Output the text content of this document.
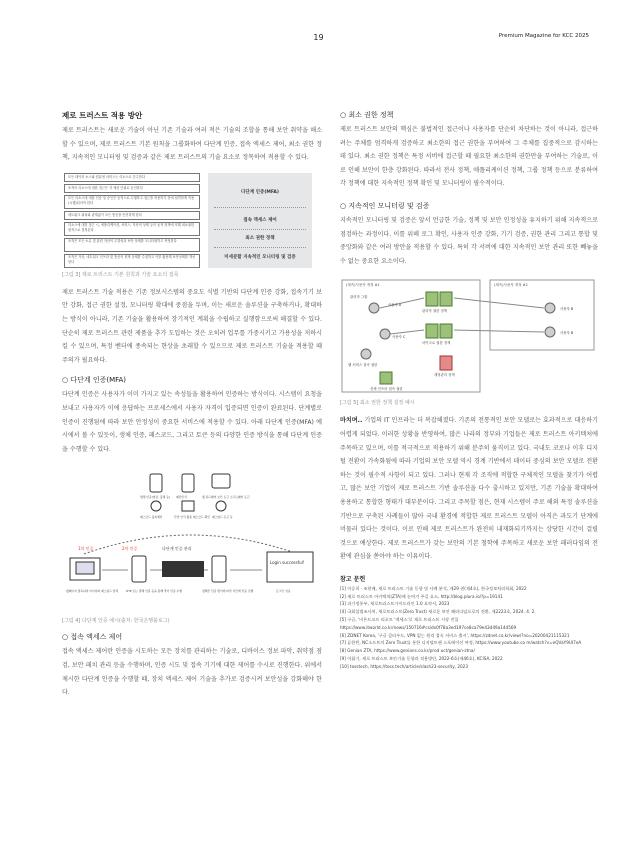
19	Premium Magazine for KCC 2025
제로 트러스트 적용 방안

제로 트러스트는 새로운 기술이 아닌 기존 기술과 여러 적은 기술의 조합을 통해 보안 취약을 해소 할 수 있으며, 제로 트러스트 기본 원칙을 그룹화하여 다단계 인증, 접속 액세스 제어, 최소 권한 정책, 지속적인 모니터링 및 검증과 같은 제로 트러스트의 기술 요소로 정목하여 적용할 수 있다.

모든 데이터 소스와 컴퓨팅 서비스는 리소스로 간주한다
조직의 리소스에 대한 접근은 각 세션 단위로 승인한다
모든 리소스에 대한 인증 및 승인은 동적으로 수행하고 접근을 허용하기 전에 엄격하게 적용(시행)되어야 한다
네트워크 위치와 관계없이 모든 통신을 안전하게 한다
리소스에 대한 접근 시, 애플리케이션, 서비스, 자산의 상태 등의 동적 정책에 의해 최소권한 원칙으로 결정된다
조직은 모든 소유 및 관련 자산의 무결성과 보안 상태를 모니터링하고 측정한다
조직은 자산, 네트워크 인프라 및 통신의 현재 상태를 수집하고 이를 활용해 보안상태를 개선한다
다단계 인증(MFA)
접속 액세스 제어
최소 권한 정책
미세분할 지속적인 모니터링 및 검증
[그림 3] 제로 트러스트 기본 원칙과 기술 요소의 접목

제로 트러스트 기술 적용은 기존 정보시스템의 중요도 식별 기반의 다단계 인증 강화, 접속기기 보안 강화, 접근 권한 설정, 모니터링 확대에 중점을 두며, 이는 새로운 솔루션을 구축하거나, 확대하는 방식이 아니라, 기존 기술을 활용하여 장기적인 계획을 수립하고 실행함으로써 해결할 수 있다. 단순히 제로 트러스트 관련 제품을 추가 도입하는 것은 오히려 업무를 가중시키고 가용성을 저하시킬 수 있으며, 특정 벤더에 종속되는 현상을 초래할 수 있으므로 제로 트러스트 기술을 적용할 때 주의가 필요하다.

○ 다단계 인증(MFA)

다단계 인증은 사용자가 이미 가지고 있는 속성들을 활용하여 인증하는 방식이다. 시스템이 요청을 보내고 사용자가 이에 응답하는 프로세스에서 사용자 자격이 입증되면 인증이 완료된다. 단계별로 인증이 진행됨에 따라 보안 안정성이 중요한 서비스에 적용할 수 있다. 아래 다단계 인증(MFA) 예시에서 볼 수 있듯이, 생체 인증, 패스코드, 그리고 토큰 등의 다양한 인증 방식을 통해 다단계 인증을 수행할 수 있다.

1차 인증	2차 인증	다단계 인증 관리
Login successful!
생체 인증(얼굴, 홍채 등) 패턴인식	웹 하드웨어 보안 토큰 소프트웨어 토큰
패스코드 블록체인	안전 인식 활용 패스코드 확인 패스워드 토큰 등
웹페이지 접속하여 아이디와 패스워드 입력	OTP 또는 생체 인증 등을 통해 추가 인증 수행	정해진 인증 방식에 따라 다단계 인증 진행	로그인 성공
[그림 4] 다단계 인증 예시(출처: 한국은행블로그)
○ 접속 액세스 제어

접속 액세스 제어란 인증을 시도하는 모든 장치를 관리하는 기술로, 디바이스 정보 파악, 취약점 점검, 보안 패치 관리 등을 수행하며, 인증 시도 및 접속 기기에 대한 제어를 수시로 진행한다. 위에서 제시한 다단계 인증을 수행할 때, 장치 액세스 제어 기술을 추가로 검증시켜 보안성을 강화해야 한다.

○ 최소 권한 정책

제로 트러스트 보안의 핵심은 불법적인 접근이나 사용자를 단순히 차단하는 것이 아니라, 접근하려는 주체를 엄격하게 검증하고 최소한의 접근 권한을 부여하여 그 주체를 집중적으로 감시하는 데 있다. 최소 권한 정책은 특정 서버에 접근할 때 필요한 최소한의 권한만을 부여하는 기술로, 이로 인해 보안이 한층 강화된다. 따라서 전사 정책, 애플리케이션 정책, 그룹 정책 등으로 분류하여 각 정책에 대한 지속적인 정책 확인 및 모니터링이 필수적이다.

○ 지속적인 모니터링 및 검증

지속적인 모니터링 및 검증은 앞서 언급한 기술, 정책 및 보안 인정성을 유지하기 위해 지속적으로 점검하는 과정이다. 이를 위해 로그 확인, 사용자 인증 강화, 기기 검증, 권한 관리 그리고 통합 및 중앙화와 같은 여러 방안을 적용할 수 있다. 특히 각 서버에 대한 지속적인 보안 관리 또한 빼놓을 수 없는 중요한 요소이다.

(계속)사용자 개정 #1	(계속)사용자 개정 #2
관리자 그룹
사용자 A
사용자 C
관리자 권한 정책
마이크로 권한 정책
사용자 B
사용자 B
웹 서비스 접속 권한
계정관리 정책
전체 인프라 접속 권한
[그림 5] 최소 권한 정책 설정 예시

마치며.. 기업의 IT 인프라는 더 복잡해졌다. 기존의 전통적인 보안 모델로는 효과적으로 대응하기 어렵게 되었다. 이러한 상황을 반영하여, 많은 나라의 정부와 기업들은 제로 트러스트 아키텍처에 주목하고 있으며, 이를 적극적으로 적용하기 위해 분주히 움직이고 있다. 국내도 코로나 이후 디지털 전환이 가속화됨에 따라 기업의 보안 모델 역시 경계 기반에서 데이터 중심의 보안 모델로 전환하는 것이 필수적 사항이 되고 있다. 그러나 현재 각 조직에 적합한 구체적인 모델을 찾기가 어렵고, 많은 보안 기업이 제로 트러스트 기반 솔루션을 다수 출시하고 있지만, 기존 기술을 확대하여 용용하고 통합한 형태가 대부분이다. 그리고 주목할 점은, 현재 시스템이 주로 해외 특정 솔루션을 기반으로 구축된 사례들이 많아 국내 환경에 적합한 제로 트러스트 모델이 아직은 과도기 단계에 머물러 있다는 것이다. 이로 인해 제로 트러스트가 완전히 내재화되기까지는 상당한 시간이 걸릴 것으로 예상한다. 제로 트러스트가 갖는 보안의 기본 철학에 주목하고 새로운 보안 패러다임의 전환에 관심을 쏟아야 하는 이유이다.

참고 문헌
[1] 이승희 · 조현배, 제로 트러스트 기술 동향 및 사례 분석, 제29 권(제4호), 한국정보처리학회, 2022
[2] 제로 트러스트 아키텍처(ZTA)에 눈여겨 주길 요소, http://blog.plura.io/?p=19141
[3] 과기정통부, 제로트러스트가이드라인 1.0 요약서, 2023
[4] 국회입법조사처, 제로트러스트(Zero Trust) 새로운 보안 패러다임으로의 전환, 제2223호, 2024. 4. 2.
[5] 구글, '비욘드코프 리포트 '액세스'로 제로 트러스트 시장 진입
https://www.itworld.co.kr/news/150716#csidx0f78a3ed197ce8ca79e43d49a14d569
[6] ZDNET Korea, '구글 클라우드, VPN 없는 원격 접속 서비스 출시', https://zdnet.co.kr/view/?no=20200421115321
[7] 류한빈, NC소프트의 Zero Trust를 통한 디지털트랜 스포메이션 여정, https://www.youtube.co m/watch?v=eQVaY9UI7eA
[8] Genian ZTA, https://www.genians.co.kr/prod uct/genian-ztna/
[9] 이휘기, 제로 트러스트 보안기술 동향과 적용방안, 2022-6호(제46호), KCISA, 2022
[10] tosstech, https://toss.tech/article/slash23-security, 2023
